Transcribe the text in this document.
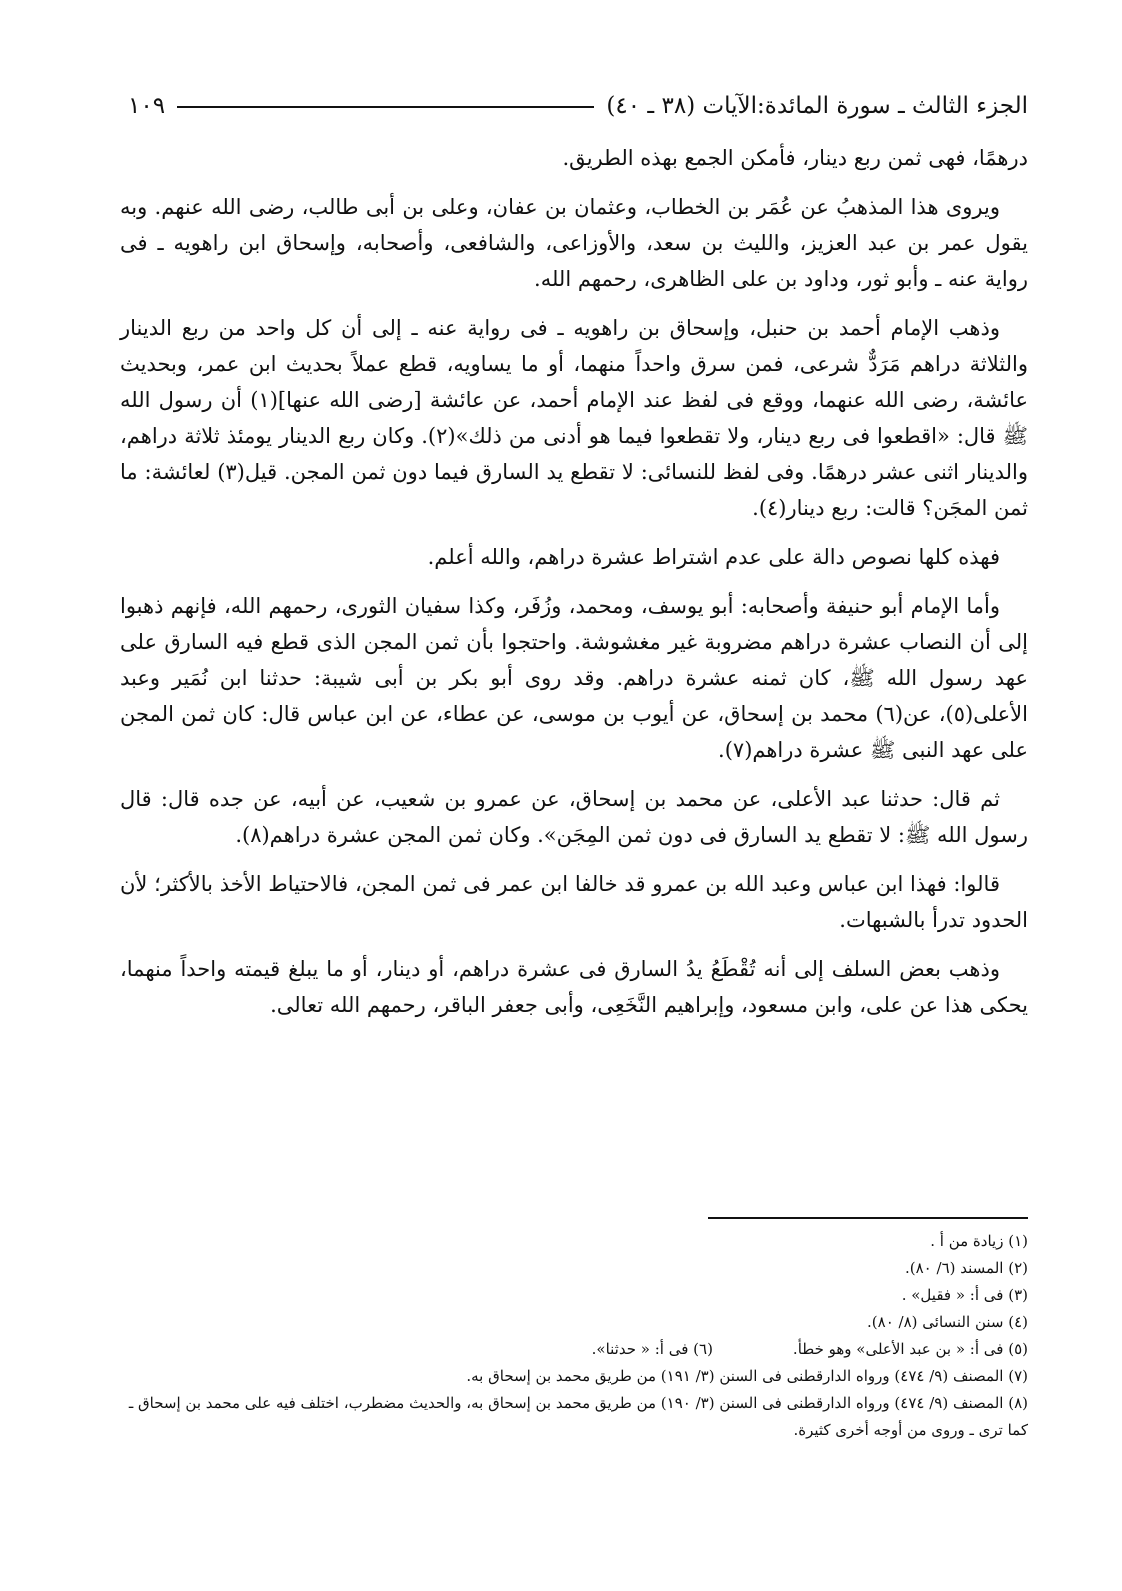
الجزء الثالث ـ سورة المائدة:الآيات (٣٨ ـ ٤٠)
١٠٩

درهمًا، فهى ثمن ربع دينار، فأمكن الجمع بهذه الطريق.

ويروى هذا المذهبُ عن عُمَر بن الخطاب، وعثمان بن عفان، وعلى بن أبى طالب، رضى الله عنهم. وبه يقول عمر بن عبد العزيز، والليث بن سعد، والأوزاعى، والشافعى، وأصحابه، وإسحاق ابن راهويه ـ فى رواية عنه ـ وأبو ثور، وداود بن على الظاهرى، رحمهم الله.

وذهب الإمام أحمد بن حنبل، وإسحاق بن راهويه ـ فى رواية عنه ـ إلى أن كل واحد من ربع الدينار والثلاثة دراهم مَرَدٌّ شرعى، فمن سرق واحداً منهما، أو ما يساويه، قطع عملاً بحديث ابن عمر، وبحديث عائشة، رضى الله عنهما، ووقع فى لفظ عند الإمام أحمد، عن عائشة [رضى الله عنها](١) أن رسول الله ﷺ قال: «اقطعوا فى ربع دينار، ولا تقطعوا فيما هو أدنى من ذلك»(٢). وكان ربع الدينار يومئذ ثلاثة دراهم، والدينار اثنى عشر درهمًا. وفى لفظ للنسائى: لا تقطع يد السارق فيما دون ثمن المجن. قيل(٣) لعائشة: ما ثمن المجَن؟ قالت: ربع دينار(٤).

فهذه كلها نصوص دالة على عدم اشتراط عشرة دراهم، والله أعلم.

وأما الإمام أبو حنيفة وأصحابه: أبو يوسف، ومحمد، وزُفَر، وكذا سفيان الثورى، رحمهم الله، فإنهم ذهبوا إلى أن النصاب عشرة دراهم مضروبة غير مغشوشة. واحتجوا بأن ثمن المجن الذى قطع فيه السارق على عهد رسول الله ﷺ، كان ثمنه عشرة دراهم. وقد روى أبو بكر بن أبى شيبة: حدثنا ابن نُمَير وعبد الأعلى(٥)، عن(٦) محمد بن إسحاق، عن أيوب بن موسى، عن عطاء، عن ابن عباس قال: كان ثمن المجن على عهد النبى ﷺ عشرة دراهم(٧).

ثم قال: حدثنا عبد الأعلى، عن محمد بن إسحاق، عن عمرو بن شعيب، عن أبيه، عن جده قال: قال رسول الله ﷺ: لا تقطع يد السارق فى دون ثمن المِجَن». وكان ثمن المجن عشرة دراهم(٨).

قالوا: فهذا ابن عباس وعبد الله بن عمرو قد خالفا ابن عمر فى ثمن المجن، فالاحتياط الأخذ بالأكثر؛ لأن الحدود تدرأ بالشبهات.

وذهب بعض السلف إلى أنه تُقْطَعُ يدُ السارق فى عشرة دراهم، أو دينار، أو ما يبلغ قيمته واحداً منهما، يحكى هذا عن على، وابن مسعود، وإبراهيم النَّخَعِى، وأبى جعفر الباقر، رحمهم الله تعالى.

(١) زيادة من أ .

(٢) المسند (٦/ ٨٠).

(٣) فى أ: « فقيل» .

(٤) سنن النسائى (٨/ ٨٠).

(٥) فى أ: « بن عبد الأعلى» وهو خطأ.
(٦) فى أ: « حدثنا».

(٧) المصنف (٩/ ٤٧٤) ورواه الدارقطنى فى السنن (٣/ ١٩١) من طريق محمد بن إسحاق به.

(٨) المصنف (٩/ ٤٧٤) ورواه الدارقطنى فى السنن (٣/ ١٩٠) من طريق محمد بن إسحاق به، والحديث مضطرب، اختلف فيه على محمد بن إسحاق ـ كما ترى ـ وروى من أوجه أخرى كثيرة.
